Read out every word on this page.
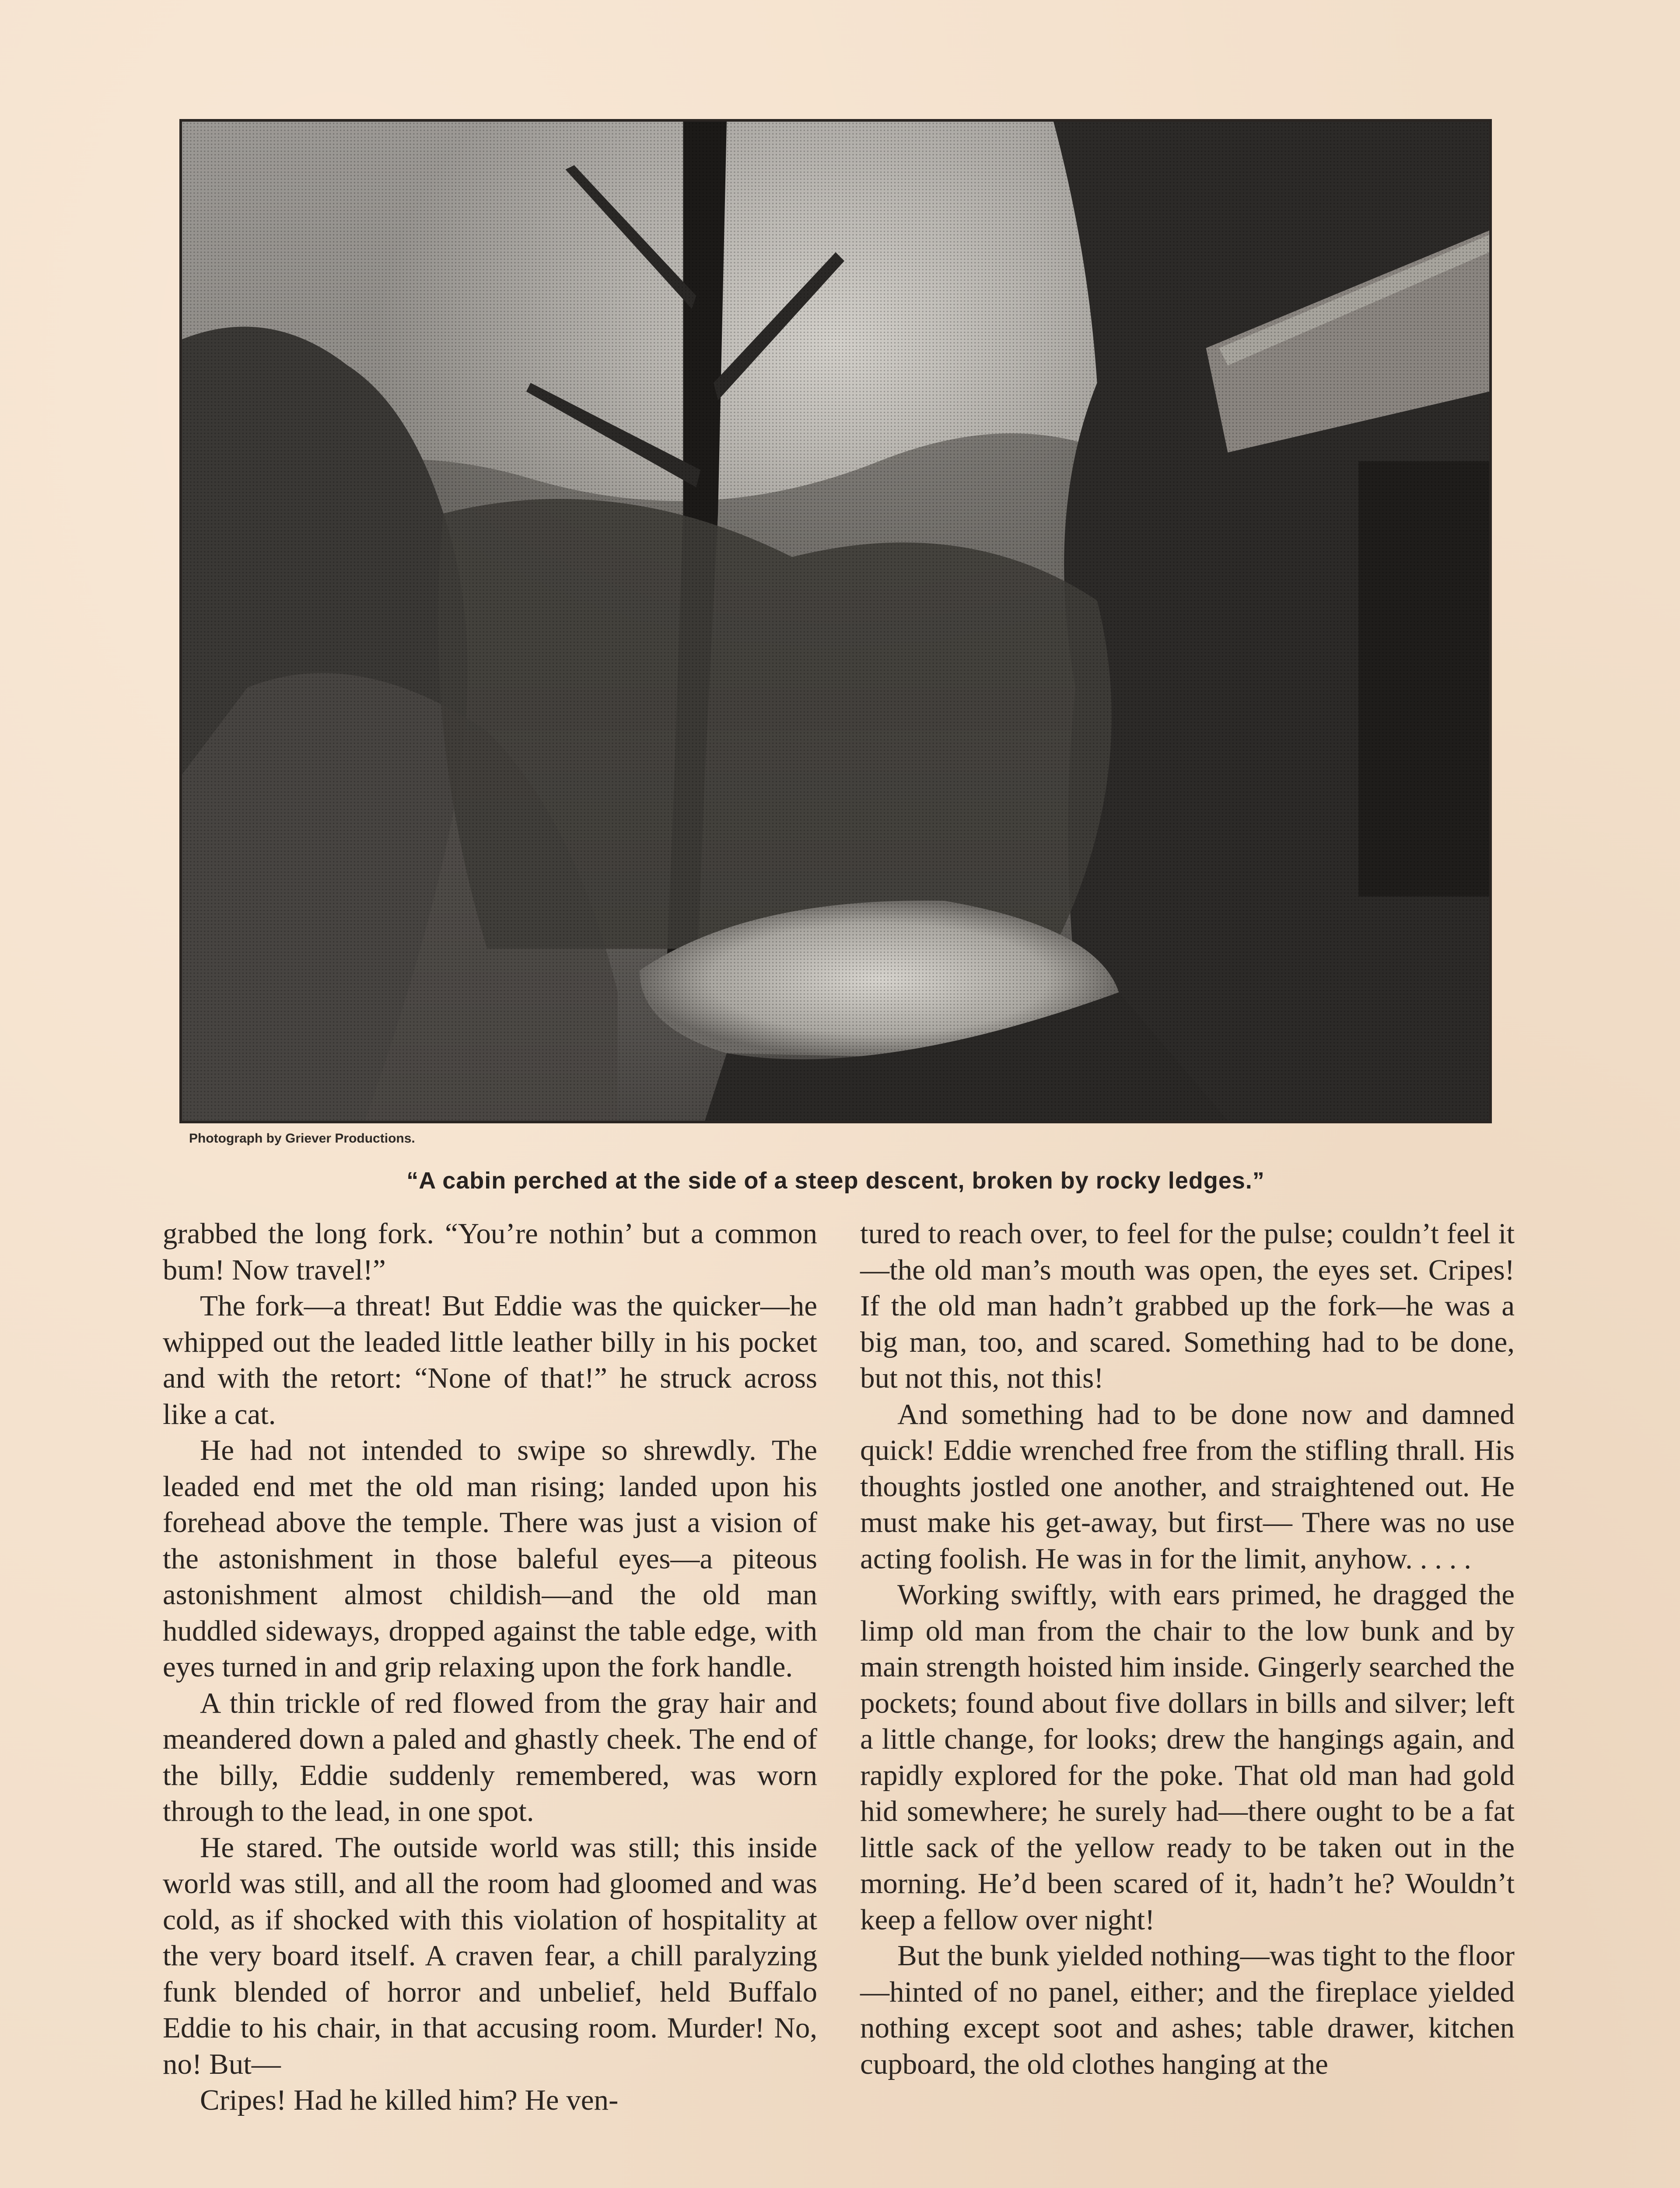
Photograph by Griever Productions.
“A cabin perched at the side of a steep descent, broken by rocky ledges.”

grabbed the long fork. “You’re nothin’ but a common bum! Now travel!”

The fork—a threat! But Eddie was the quicker—he whipped out the leaded little leather billy in his pocket and with the retort: “None of that!” he struck across like a cat.

He had not intended to swipe so shrewdly. The leaded end met the old man rising; landed upon his forehead above the temple. There was just a vision of the astonishment in those baleful eyes—a piteous astonishment almost childish—and the old man huddled sideways, dropped against the table edge, with eyes turned in and grip relaxing upon the fork handle.

A thin trickle of red flowed from the gray hair and meandered down a paled and ghastly cheek. The end of the billy, Eddie suddenly remembered, was worn through to the lead, in one spot.

He stared. The outside world was still; this inside world was still, and all the room had gloomed and was cold, as if shocked with this violation of hospitality at the very board itself. A craven fear, a chill paralyzing funk blended of horror and unbelief, held Buffalo Eddie to his chair, in that accusing room. Murder! No, no! But—

Cripes! Had he killed him? He ven-

tured to reach over, to feel for the pulse; couldn’t feel it—the old man’s mouth was open, the eyes set. Cripes! If the old man hadn’t grabbed up the fork—he was a big man, too, and scared. Something had to be done, but not this, not this!

And something had to be done now and damned quick! Eddie wrenched free from the stifling thrall. His thoughts jostled one another, and straightened out. He must make his get-away, but first— There was no use acting foolish. He was in for the limit, anyhow. . . . .

Working swiftly, with ears primed, he dragged the limp old man from the chair to the low bunk and by main strength hoisted him inside. Gingerly searched the pockets; found about five dollars in bills and silver; left a little change, for looks; drew the hangings again, and rapidly explored for the poke. That old man had gold hid somewhere; he surely had—there ought to be a fat little sack of the yellow ready to be taken out in the morning. He’d been scared of it, hadn’t he? Wouldn’t keep a fellow over night!

But the bunk yielded nothing—was tight to the floor—hinted of no panel, either; and the fireplace yielded nothing except soot and ashes; table drawer, kitchen cupboard, the old clothes hanging at the
